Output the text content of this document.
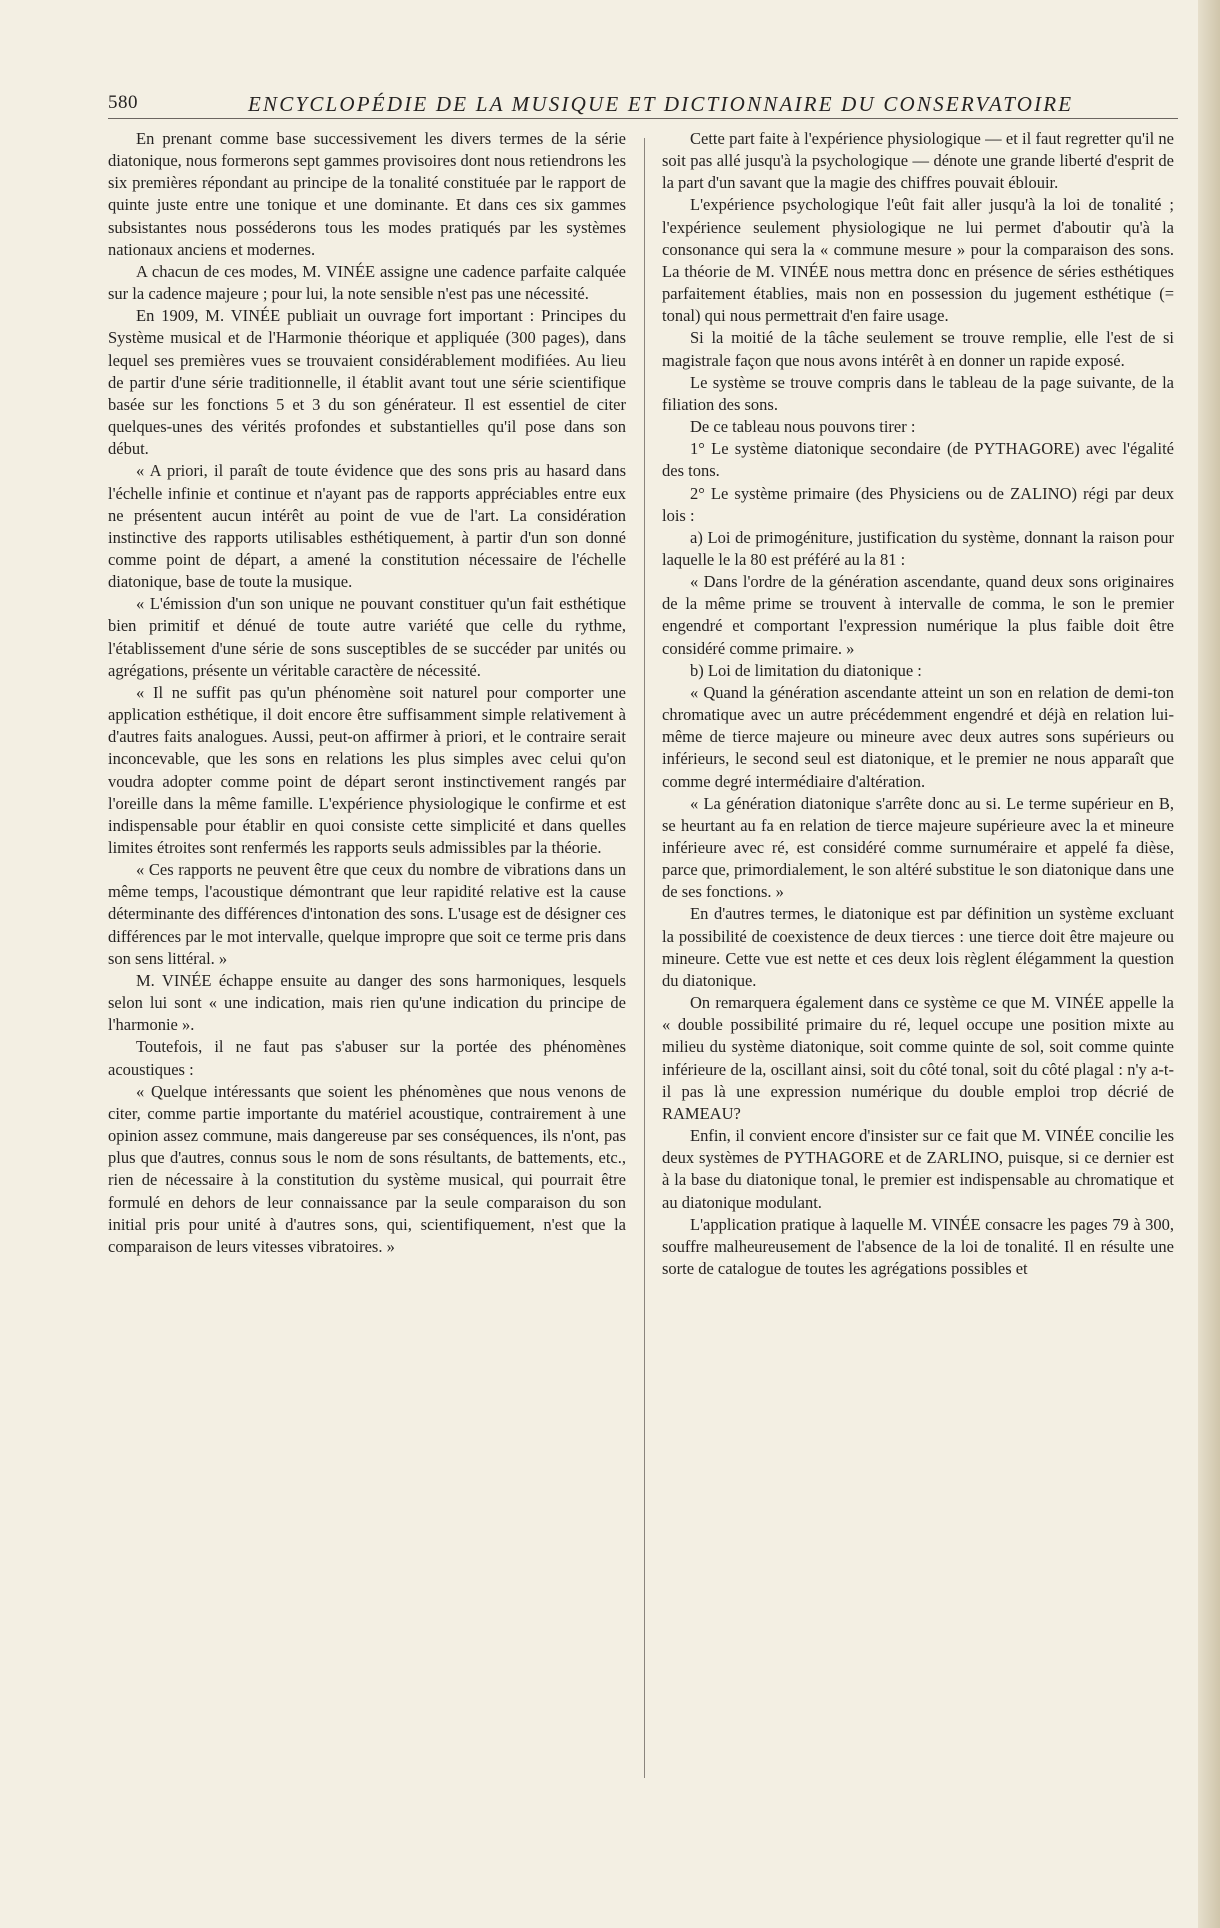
580	ENCYCLOPÉDIE DE LA MUSIQUE ET DICTIONNAIRE DU CONSERVATOIRE

En prenant comme base successivement les divers termes de la série diatonique, nous formerons sept gammes provisoires dont nous retiendrons les six premières répondant au principe de la tonalité constituée par le rapport de quinte juste entre une tonique et une dominante. Et dans ces six gammes subsistantes nous posséderons tous les modes pratiqués par les systèmes nationaux anciens et modernes.

A chacun de ces modes, M. VINÉE assigne une cadence parfaite calquée sur la cadence majeure ; pour lui, la note sensible n'est pas une nécessité.

En 1909, M. VINÉE publiait un ouvrage fort important : Principes du Système musical et de l'Harmonie théorique et appliquée (300 pages), dans lequel ses premières vues se trouvaient considérablement modifiées. Au lieu de partir d'une série traditionnelle, il établit avant tout une série scientifique basée sur les fonctions 5 et 3 du son générateur. Il est essentiel de citer quelques-unes des vérités profondes et substantielles qu'il pose dans son début.

« A priori, il paraît de toute évidence que des sons pris au hasard dans l'échelle infinie et continue et n'ayant pas de rapports appréciables entre eux ne présentent aucun intérêt au point de vue de l'art. La considération instinctive des rapports utilisables esthétiquement, à partir d'un son donné comme point de départ, a amené la constitution nécessaire de l'échelle diatonique, base de toute la musique.

« L'émission d'un son unique ne pouvant constituer qu'un fait esthétique bien primitif et dénué de toute autre variété que celle du rythme, l'établissement d'une série de sons susceptibles de se succéder par unités ou agrégations, présente un véritable caractère de nécessité.

« Il ne suffit pas qu'un phénomène soit naturel pour comporter une application esthétique, il doit encore être suffisamment simple relativement à d'autres faits analogues. Aussi, peut-on affirmer à priori, et le contraire serait inconcevable, que les sons en relations les plus simples avec celui qu'on voudra adopter comme point de départ seront instinctivement rangés par l'oreille dans la même famille. L'expérience physiologique le confirme et est indispensable pour établir en quoi consiste cette simplicité et dans quelles limites étroites sont renfermés les rapports seuls admissibles par la théorie.

« Ces rapports ne peuvent être que ceux du nombre de vibrations dans un même temps, l'acoustique démontrant que leur rapidité relative est la cause déterminante des différences d'intonation des sons. L'usage est de désigner ces différences par le mot intervalle, quelque impropre que soit ce terme pris dans son sens littéral. »

M. VINÉE échappe ensuite au danger des sons harmoniques, lesquels selon lui sont « une indication, mais rien qu'une indication du principe de l'harmonie ».

Toutefois, il ne faut pas s'abuser sur la portée des phénomènes acoustiques :

« Quelque intéressants que soient les phénomènes que nous venons de citer, comme partie importante du matériel acoustique, contrairement à une opinion assez commune, mais dangereuse par ses conséquences, ils n'ont, pas plus que d'autres, connus sous le nom de sons résultants, de battements, etc., rien de nécessaire à la constitution du système musical, qui pourrait être formulé en dehors de leur connaissance par la seule comparaison du son initial pris pour unité à d'autres sons, qui, scientifiquement, n'est que la comparaison de leurs vitesses vibratoires. »

Cette part faite à l'expérience physiologique — et il faut regretter qu'il ne soit pas allé jusqu'à la psychologique — dénote une grande liberté d'esprit de la part d'un savant que la magie des chiffres pouvait éblouir.

L'expérience psychologique l'eût fait aller jusqu'à la loi de tonalité ; l'expérience seulement physiologique ne lui permet d'aboutir qu'à la consonance qui sera la « commune mesure » pour la comparaison des sons. La théorie de M. VINÉE nous mettra donc en présence de séries esthétiques parfaitement établies, mais non en possession du jugement esthétique (= tonal) qui nous permettrait d'en faire usage.

Si la moitié de la tâche seulement se trouve remplie, elle l'est de si magistrale façon que nous avons intérêt à en donner un rapide exposé.

Le système se trouve compris dans le tableau de la page suivante, de la filiation des sons.

De ce tableau nous pouvons tirer :

1° Le système diatonique secondaire (de PYTHAGORE) avec l'égalité des tons.

2° Le système primaire (des Physiciens ou de ZALINO) régi par deux lois :

a) Loi de primogéniture, justification du système, donnant la raison pour laquelle le la 80 est préféré au la 81 :

« Dans l'ordre de la génération ascendante, quand deux sons originaires de la même prime se trouvent à intervalle de comma, le son le premier engendré et comportant l'expression numérique la plus faible doit être considéré comme primaire. »

b) Loi de limitation du diatonique :

« Quand la génération ascendante atteint un son en relation de demi-ton chromatique avec un autre précédemment engendré et déjà en relation lui-même de tierce majeure ou mineure avec deux autres sons supérieurs ou inférieurs, le second seul est diatonique, et le premier ne nous apparaît que comme degré intermédiaire d'altération.

« La génération diatonique s'arrête donc au si. Le terme supérieur en B, se heurtant au fa en relation de tierce majeure supérieure avec la et mineure inférieure avec ré, est considéré comme surnuméraire et appelé fa dièse, parce que, primordialement, le son altéré substitue le son diatonique dans une de ses fonctions. »

En d'autres termes, le diatonique est par définition un système excluant la possibilité de coexistence de deux tierces : une tierce doit être majeure ou mineure. Cette vue est nette et ces deux lois règlent élégamment la question du diatonique.

On remarquera également dans ce système ce que M. VINÉE appelle la « double possibilité primaire du ré, lequel occupe une position mixte au milieu du système diatonique, soit comme quinte de sol, soit comme quinte inférieure de la, oscillant ainsi, soit du côté tonal, soit du côté plagal : n'y a-t-il pas là une expression numérique du double emploi trop décrié de RAMEAU?

Enfin, il convient encore d'insister sur ce fait que M. VINÉE concilie les deux systèmes de PYTHAGORE et de ZARLINO, puisque, si ce dernier est à la base du diatonique tonal, le premier est indispensable au chromatique et au diatonique modulant.

L'application pratique à laquelle M. VINÉE consacre les pages 79 à 300, souffre malheureusement de l'absence de la loi de tonalité. Il en résulte une sorte de catalogue de toutes les agrégations possibles et
